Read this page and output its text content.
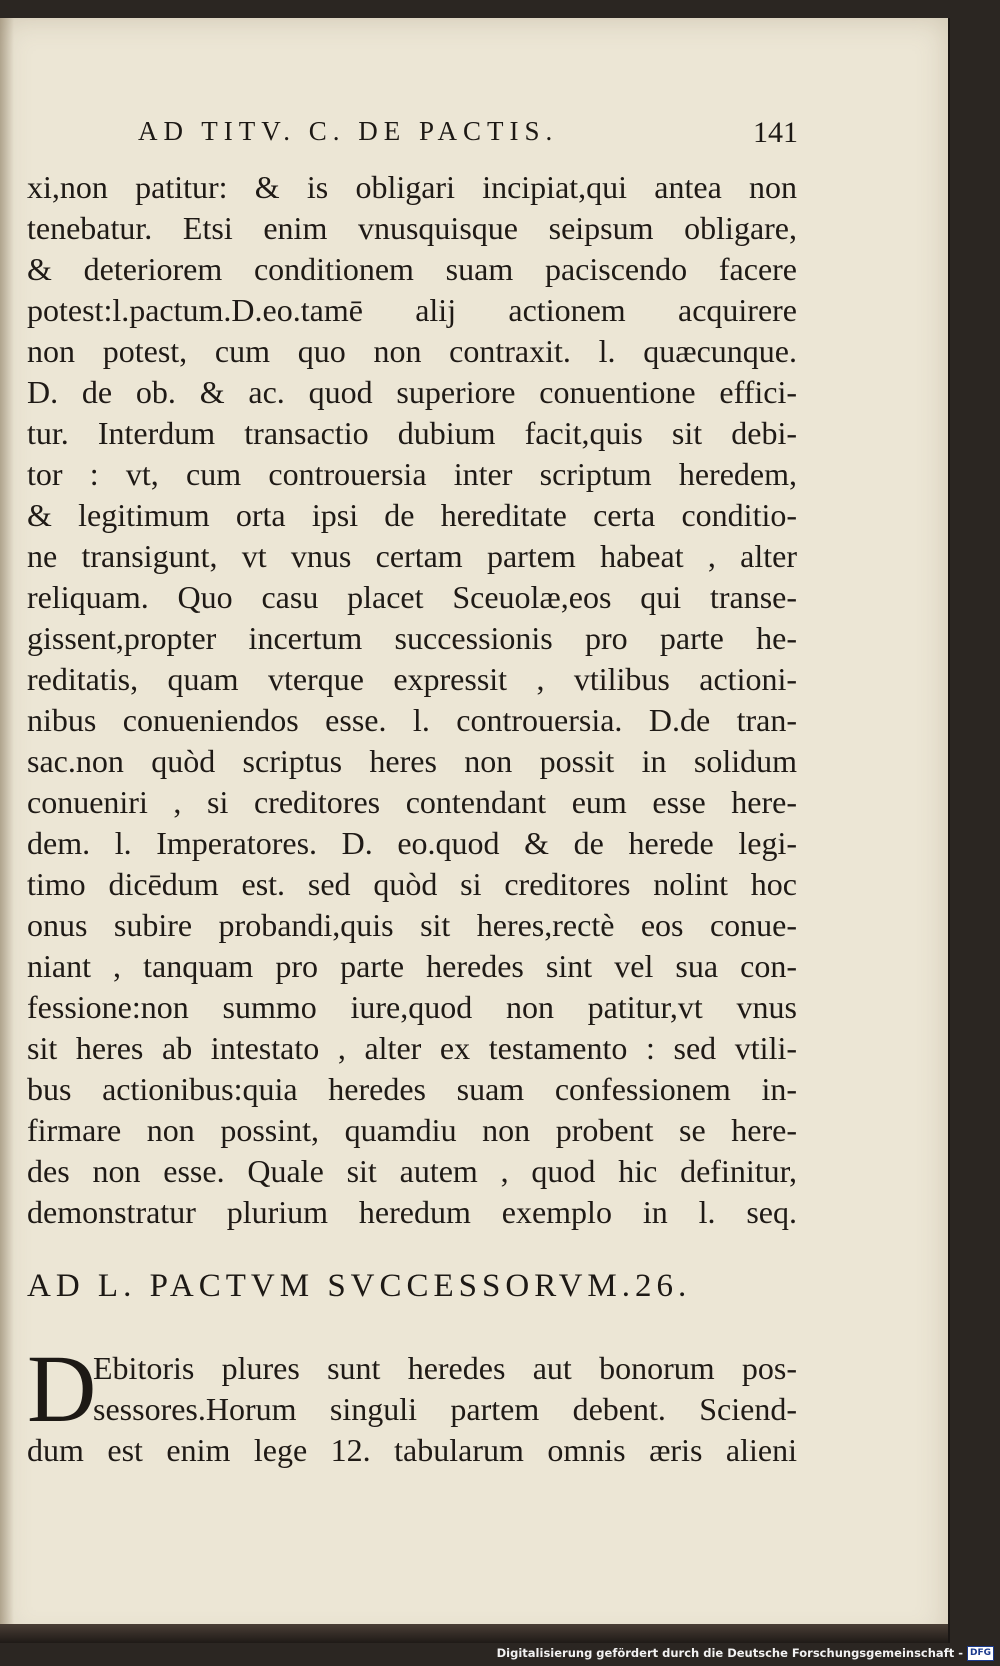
AD TITV. C. DE PACTIS.	141
xi,non patitur: & is obligari incipiat,qui antea non
tenebatur. Etsi enim vnusquisque seipsum obligare,
& deteriorem conditionem suam paciscendo facere
potest:l.pactum.D.eo.tamē alij actionem acquirere
non potest, cum quo non contraxit. l. quæcunque.
D. de ob. & ac. quod superiore conuentione effici-
tur. Interdum transactio dubium facit,quis sit debi-
tor : vt, cum controuersia inter scriptum heredem,
& legitimum orta ipsi de hereditate certa conditio-
ne transigunt, vt vnus certam partem habeat , alter
reliquam. Quo casu placet Sceuolæ,eos qui transe-
gissent,propter incertum successionis pro parte he-
reditatis, quam vterque expressit , vtilibus actioni-
nibus conueniendos esse. l. controuersia. D.de tran-
sac.non quòd scriptus heres non possit in solidum
conueniri , si creditores contendant eum esse here-
dem. l. Imperatores. D. eo.quod & de herede legi-
timo dicēdum est. sed quòd si creditores nolint hoc
onus subire probandi,quis sit heres,rectè eos conue-
niant , tanquam pro parte heredes sint vel sua con-
fessione:non summo iure,quod non patitur,vt vnus
sit heres ab intestato , alter ex testamento : sed vtili-
bus actionibus:quia heredes suam confessionem in-
firmare non possint, quamdiu non probent se here-
des non esse. Quale sit autem , quod hic definitur,
demonstratur plurium heredum exemplo in l. seq.
AD L. PACTVM SVCCESSORVM.26.
D
Ebitoris plures sunt heredes aut bonorum pos-
sessores.Horum singuli partem debent. Sciend-
dum est enim lege 12. tabularum omnis æris alieni
Digitalisierung gefördert durch die Deutsche Forschungsgemeinschaft - DFG
